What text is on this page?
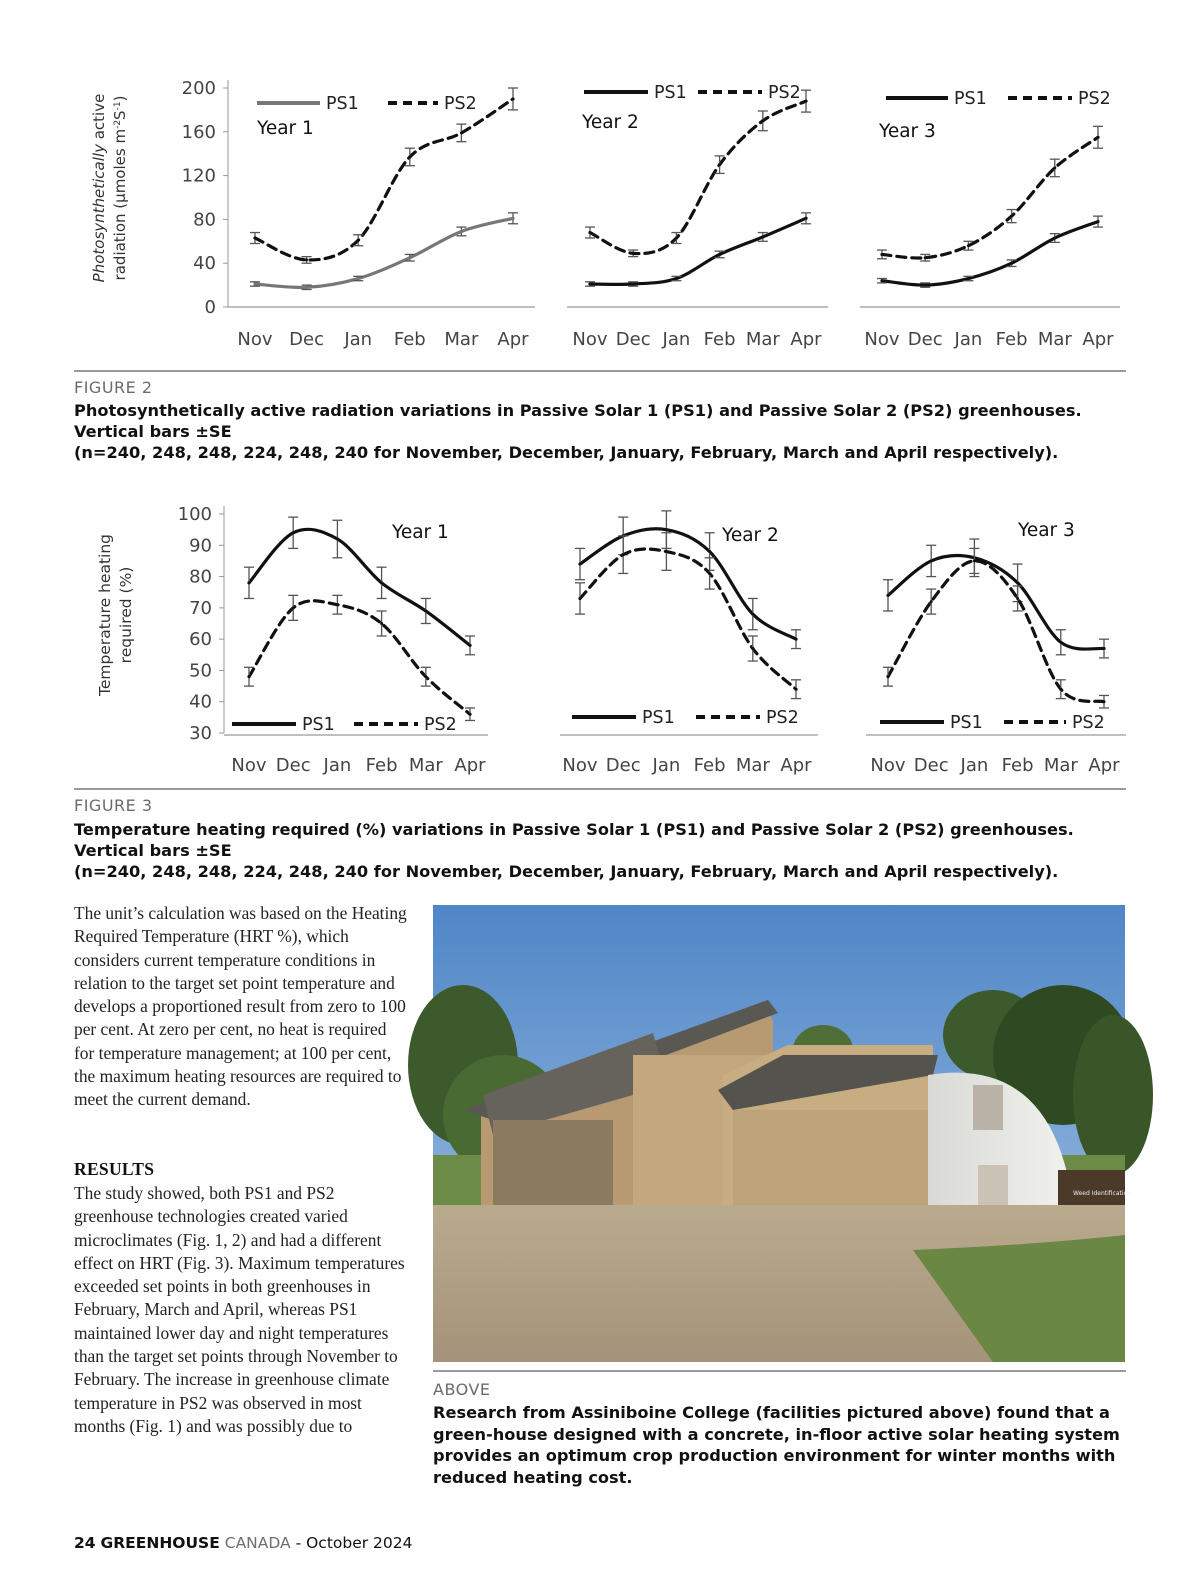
Photosynthetically active
radiation (µmoles $m^{-2}S^{-1}$)
0
40
80
120
160
200
Nov Dec Jan Feb Mar Apr
Year 1
PS1	PS2
Nov Dec Jan Feb Mar Apr
Year 2
PS1	PS2
Nov Dec Jan Feb Mar Apr
Year 3
PS1	PS2
FIGURE 2
Photosynthetically active radiation variations in Passive Solar 1 (PS1) and Passive Solar 2 (PS2) greenhouses. Vertical bars ±SE
(n=240, 248, 248, 224, 248, 240 for November, December, January, February, March and April respectively).
Temperature heating required (%)
30
40
50
60
70
80
90
100
Nov Dec Jan Feb Mar Apr
Year 1
PS1	PS2
Nov Dec Jan Feb Mar Apr
Year 2
PS1	PS2
Nov Dec Jan Feb Mar Apr
Year 3
PS1	PS2
FIGURE 3
Temperature heating required (%) variations in Passive Solar 1 (PS1) and Passive Solar 2 (PS2) greenhouses. Vertical bars ±SE
(n=240, 248, 248, 224, 248, 240 for November, December, January, February, March and April respectively).

The unit’s calculation was based on the Heating Required Temperature (HRT %), which considers current temperature conditions in relation to the target set point temperature and develops a proportioned result from zero to 100 per cent. At zero per cent, no heat is required for temperature management; at 100 per cent, the maximum heating resources are required to meet the current demand.

RESULTS

The study showed, both PS1 and PS2 greenhouse technologies created varied microclimates (Fig. 1, 2) and had a different effect on HRT (Fig. 3). Maximum temperatures exceeded set points in both greenhouses in February, March and April, whereas PS1 maintained lower day and night temperatures than the target set points through November to February. The increase in greenhouse climate temperature in PS2 was observed in most months (Fig. 1) and was possibly due to

Weed Identification
ABOVE
Research from Assiniboine College (facilities pictured above) found that a green-house designed with a concrete, in-floor active solar heating system provides an optimum crop production environment for winter months with reduced heating cost.
24 GREENHOUSE CANADA - October 2024
